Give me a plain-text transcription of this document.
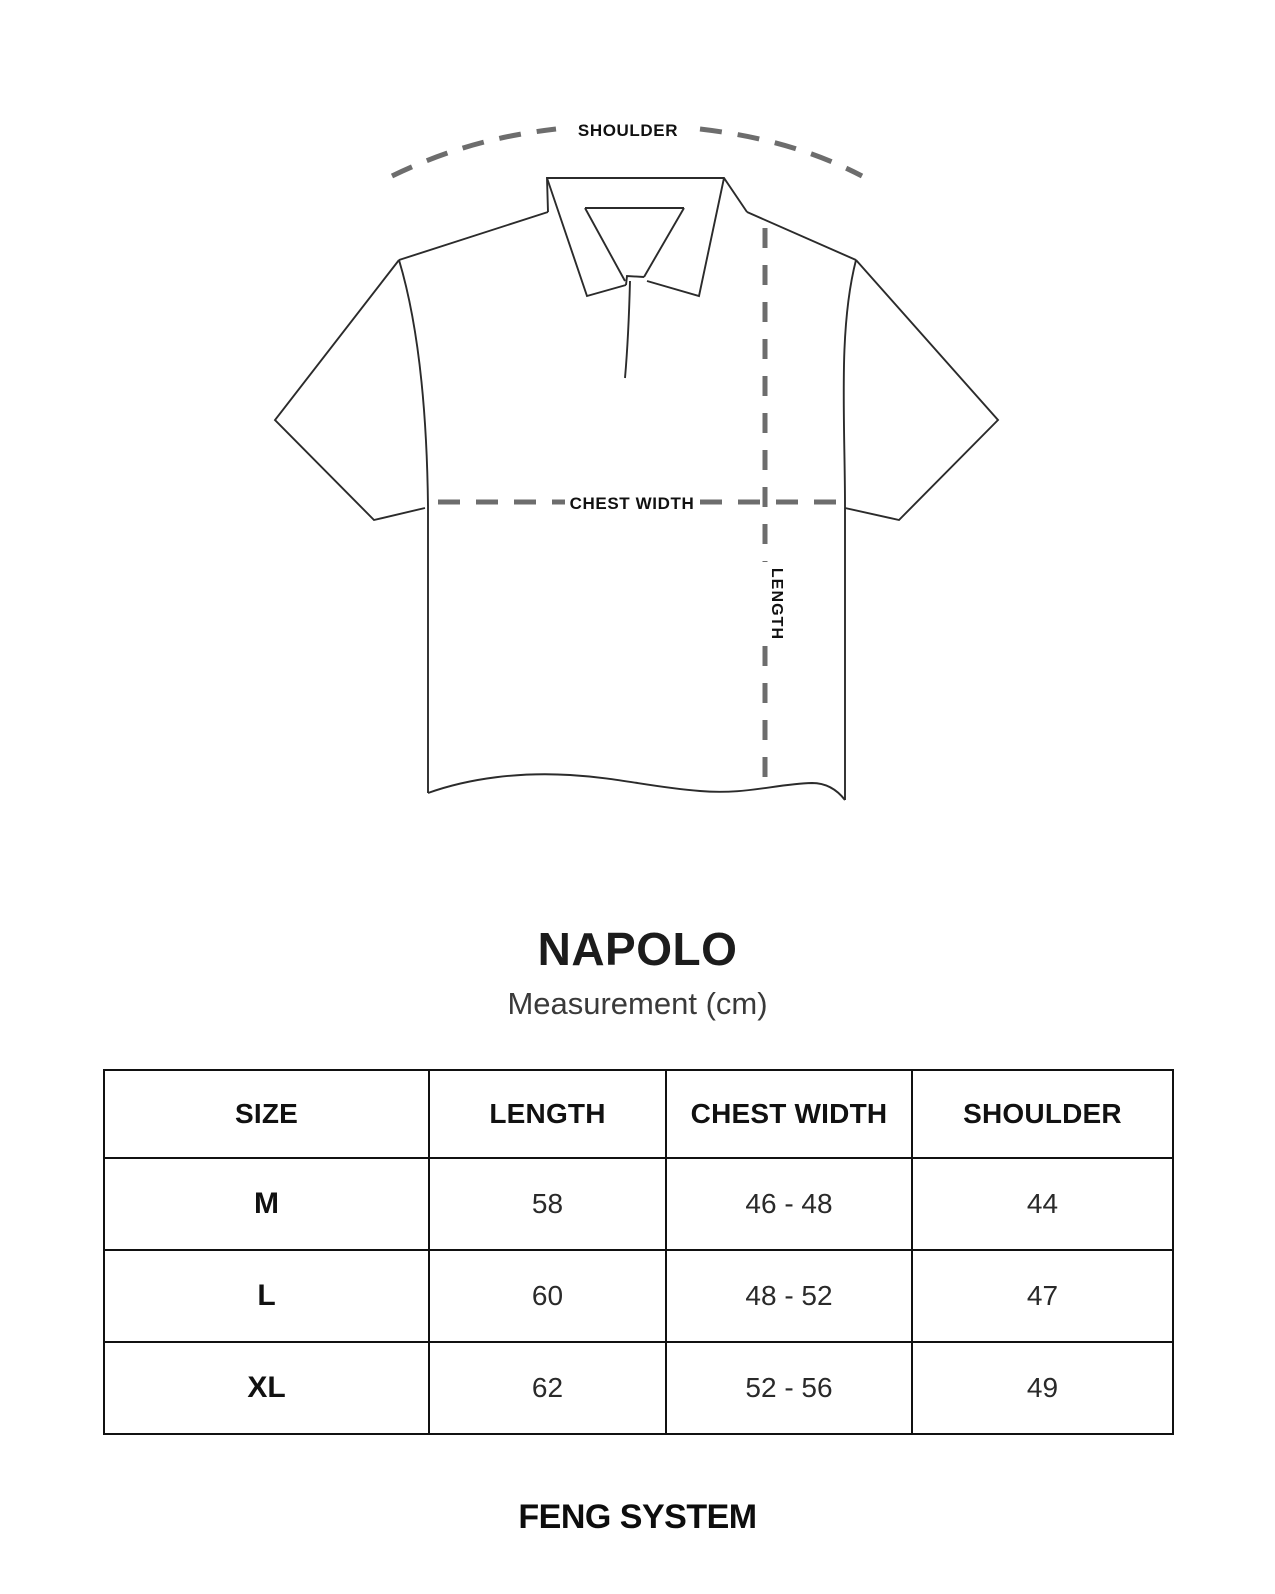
SHOULDER
CHEST WIDTH
LENGTH
NAPOLO

Measurement (cm)

SIZE	LENGTH	CHEST WIDTH	SHOULDER
M	58	46 - 48	44
L	60	48 - 52	47
XL	62	52 - 56	49

FENG SYSTEM
